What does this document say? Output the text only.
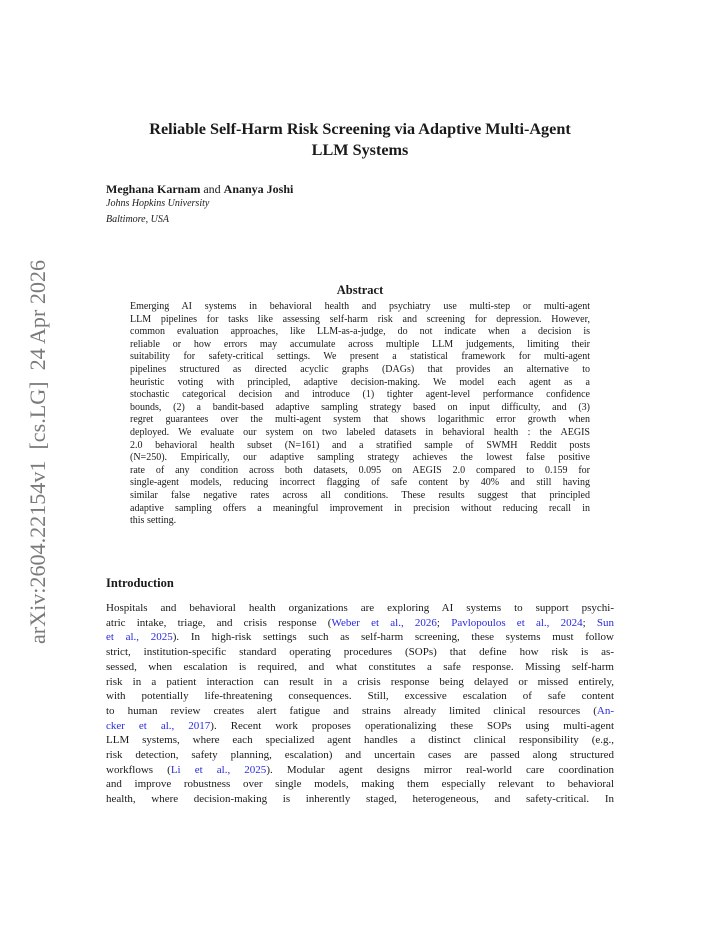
arXiv:2604.22154v1  [cs.LG]  24 Apr 2026
Reliable Self-Harm Risk Screening via Adaptive Multi-Agent
LLM Systems
Meghana Karnam and Ananya Joshi
Johns Hopkins University
Baltimore, USA
Abstract
Emerging AI systems in behavioral health and psychiatry use multi-step or multi-agent
LLM pipelines for tasks like assessing self-harm risk and screening for depression. However,
common evaluation approaches, like LLM-as-a-judge, do not indicate when a decision is
reliable or how errors may accumulate across multiple LLM judgements, limiting their
suitability for safety-critical settings. We present a statistical framework for multi-agent
pipelines structured as directed acyclic graphs (DAGs) that provides an alternative to
heuristic voting with principled, adaptive decision-making. We model each agent as a
stochastic categorical decision and introduce (1) tighter agent-level performance confidence
bounds, (2) a bandit-based adaptive sampling strategy based on input difficulty, and (3)
regret guarantees over the multi-agent system that shows logarithmic error growth when
deployed. We evaluate our system on two labeled datasets in behavioral health : the AEGIS
2.0 behavioral health subset (N=161) and a stratified sample of SWMH Reddit posts
(N=250). Empirically, our adaptive sampling strategy achieves the lowest false positive
rate of any condition across both datasets, 0.095 on AEGIS 2.0 compared to 0.159 for
single-agent models, reducing incorrect flagging of safe content by 40% and still having
similar false negative rates across all conditions. These results suggest that principled
adaptive sampling offers a meaningful improvement in precision without reducing recall in
this setting.
Introduction
Hospitals and behavioral health organizations are exploring AI systems to support psychi-
atric intake, triage, and crisis response (Weber et al., 2026; Pavlopoulos et al., 2024; Sun
et al., 2025). In high-risk settings such as self-harm screening, these systems must follow
strict, institution-specific standard operating procedures (SOPs) that define how risk is as-
sessed, when escalation is required, and what constitutes a safe response. Missing self-harm
risk in a patient interaction can result in a crisis response being delayed or missed entirely,
with potentially life-threatening consequences. Still, excessive escalation of safe content
to human review creates alert fatigue and strains already limited clinical resources (An-
cker et al., 2017). Recent work proposes operationalizing these SOPs using multi-agent
LLM systems, where each specialized agent handles a distinct clinical responsibility (e.g.,
risk detection, safety planning, escalation) and uncertain cases are passed along structured
workflows (Li et al., 2025). Modular agent designs mirror real-world care coordination
and improve robustness over single models, making them especially relevant to behavioral
health, where decision-making is inherently staged, heterogeneous, and safety-critical. In
